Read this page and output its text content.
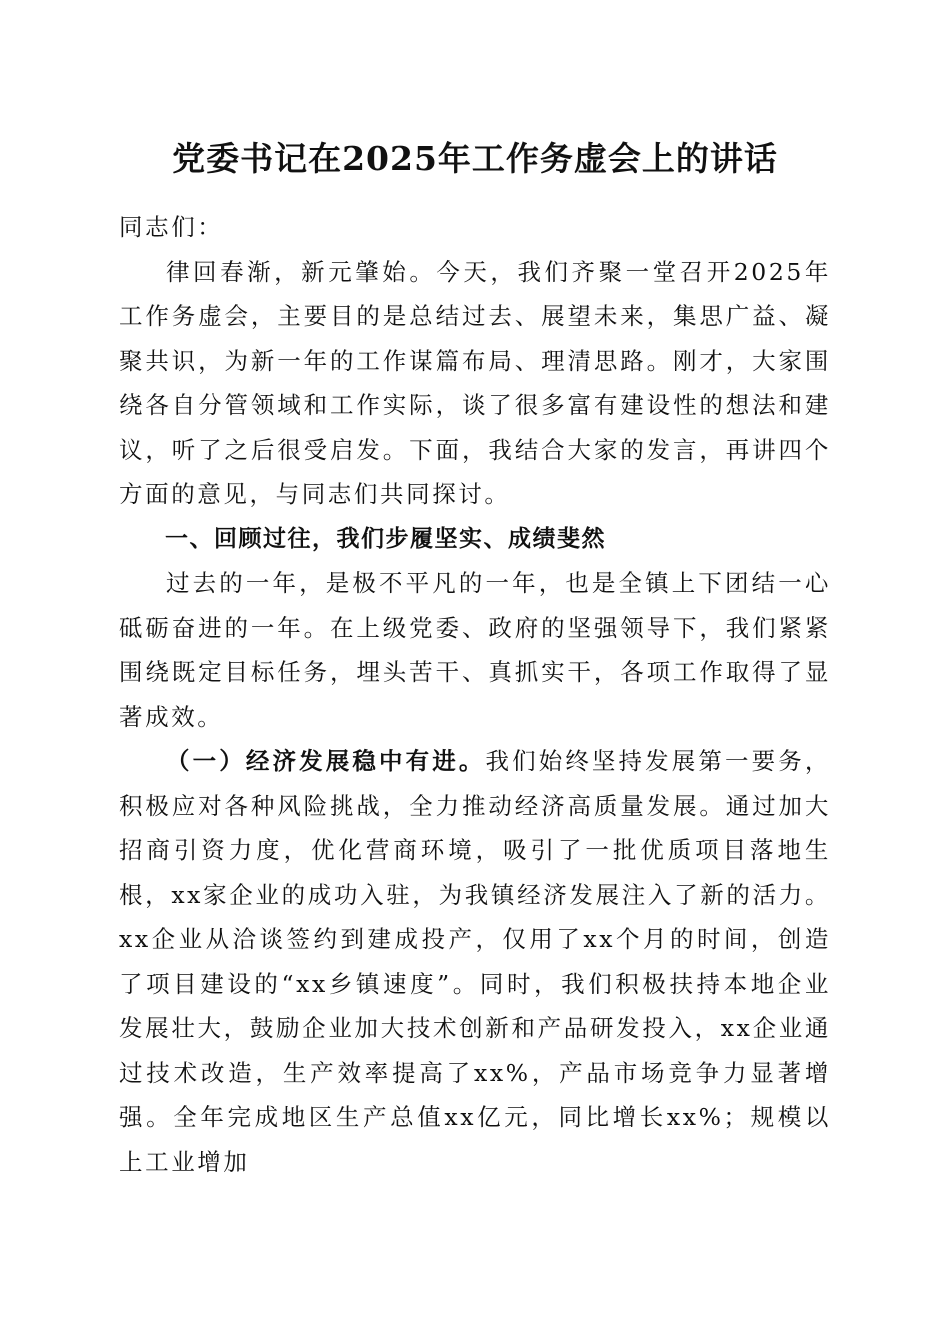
党委书记在2025年工作务虚会上的讲话

同志们：

律回春渐，新元肇始。今天，我们齐聚一堂召开2025年工作务虚会，主要目的是总结过去、展望未来，集思广益、凝聚共识，为新一年的工作谋篇布局、理清思路。刚才，大家围绕各自分管领域和工作实际，谈了很多富有建设性的想法和建议，听了之后很受启发。下面，我结合大家的发言，再讲四个方面的意见，与同志们共同探讨。

一、回顾过往，我们步履坚实、成绩斐然

过去的一年，是极不平凡的一年，也是全镇上下团结一心砥砺奋进的一年。在上级党委、政府的坚强领导下，我们紧紧围绕既定目标任务，埋头苦干、真抓实干，各项工作取得了显著成效。

（一）经济发展稳中有进。我们始终坚持发展第一要务，积极应对各种风险挑战，全力推动经济高质量发展。通过加大招商引资力度，优化营商环境，吸引了一批优质项目落地生根，xx家企业的成功入驻，为我镇经济发展注入了新的活力。xx企业从洽谈签约到建成投产，仅用了xx个月的时间，创造了项目建设的“xx乡镇速度”。同时，我们积极扶持本地企业发展壮大，鼓励企业加大技术创新和产品研发投入，xx企业通过技术改造，生产效率提高了xx%，产品市场竞争力显著增强。全年完成地区生产总值xx亿元，同比增长xx%；规模以上工业增加
